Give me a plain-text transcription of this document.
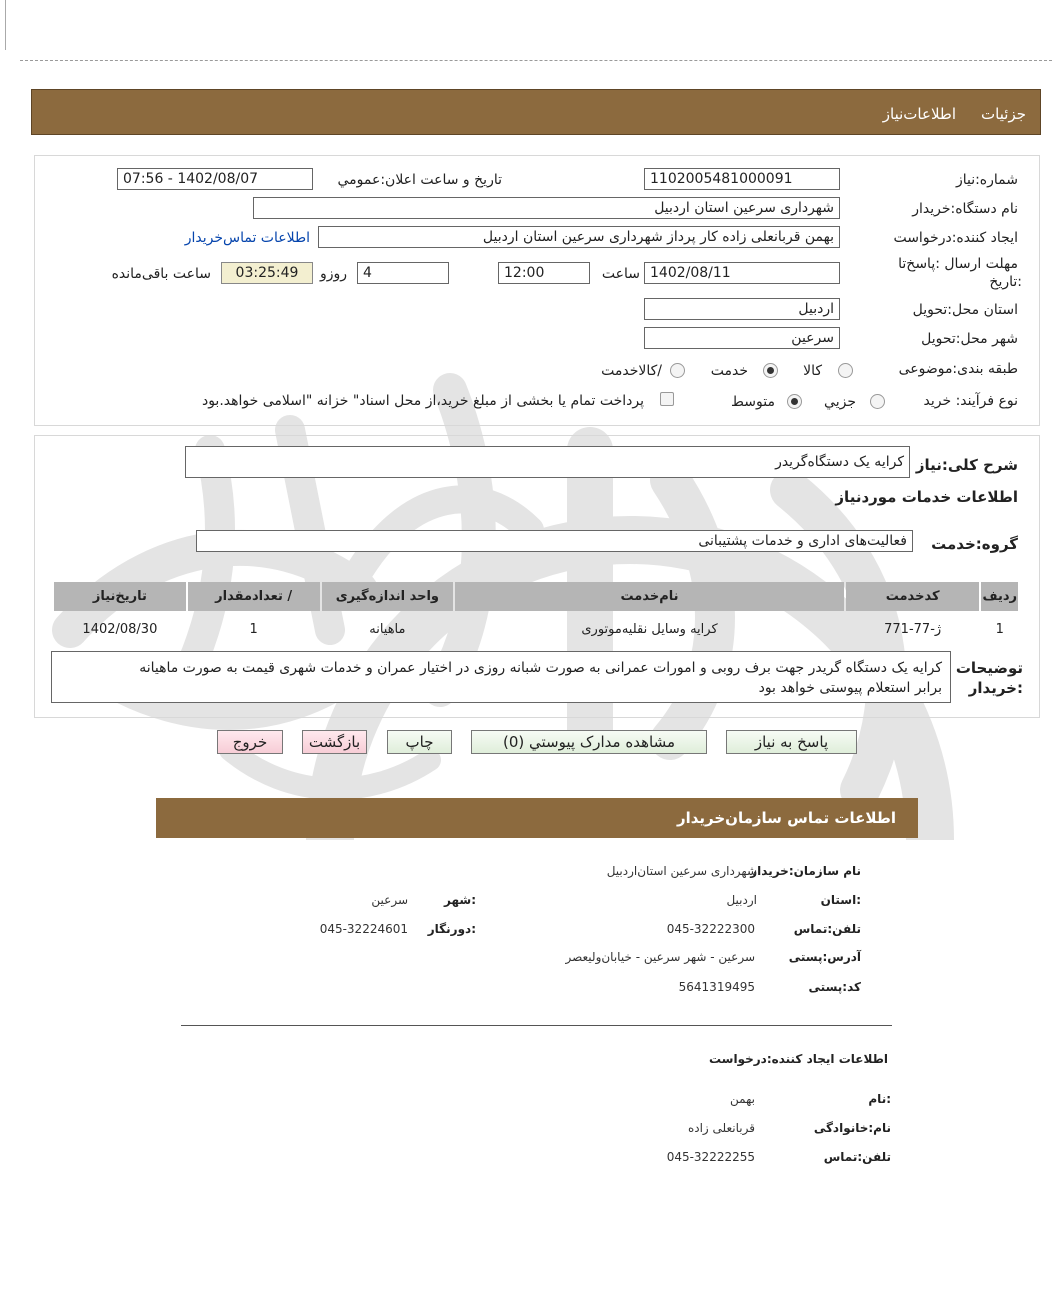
جزئیات
اطلاعات‌نیاز
شماره:نیاز
1102005481000091
تاریخ و ساعت اعلان:عمومي
1402/08/07 - 07:56
نام دستگاه:خریدار
شهرداری سرعین استان اردبیل
ایجاد کننده:درخواست
بهمن قربانعلی زاده کار پرداز شهرداری سرعین استان اردبیل
اطلاعات تماس‌خریدار
مهلت ارسال :پاسخ‌تا
:تاریخ
1402/08/11
ساعت
12:00
4
روزو
03:25:49
ساعت باقی‌مانده
استان محل:تحویل
اردبیل
شهر محل:تحویل
سرعین
طبقه بندی:موضوعی
کالا
خدمت
/کالاخدمت
نوع فرآیند: خرید
جزیي
متوسط
پرداخت تمام یا بخشی از مبلغ خرید،از محل اسناد" خزانه "اسلامی خواهد.بود
شرح کلی:نیاز
کرایه یک دستگاه‌گریدر
اطلاعات خدمات موردنیاز
گروه:خدمت
فعالیت‌های اداری و خدمات پشتیبانی
ردیف	کدخدمت	نام‌خدمت	واحد اندازه‌گیری	/ تعدادمقدار	تاریخ‌نیاز
1	ژ-77-771	کرایه وسایل نقلیه‌موتوری	ماهیانه	1	1402/08/30
توضیحات
:خریدار
کرایه یک دستگاه گریدر جهت برف روبی و امورات عمرانی به صورت شبانه روزی در اختیار عمران و خدمات شهری قیمت به صورت ماهیانه
برابر استعلام پیوستی خواهد بود
پاسخ به نیاز
مشاهده مدارک پیوستي (0)
چاپ
بازگشت
خروج
اطلاعات تماس سازمان‌خریدار
نام سازمان:خریدار
شهرداری سرعین استان‌اردبیل
:استان
اردبیل
:شهر
سرعین
تلفن:تماس
045-32222300
:دورنگار
045-32224601
آدرس:پستی
سرعین - شهر سرعین - خیابان‌ولیعصر
کد:پستی
5641319495
اطلاعات ایجاد کننده:درخواست
:نام
بهمن
نام:خانوادگی
قربانعلی زاده
تلفن:تماس
045-32222255
